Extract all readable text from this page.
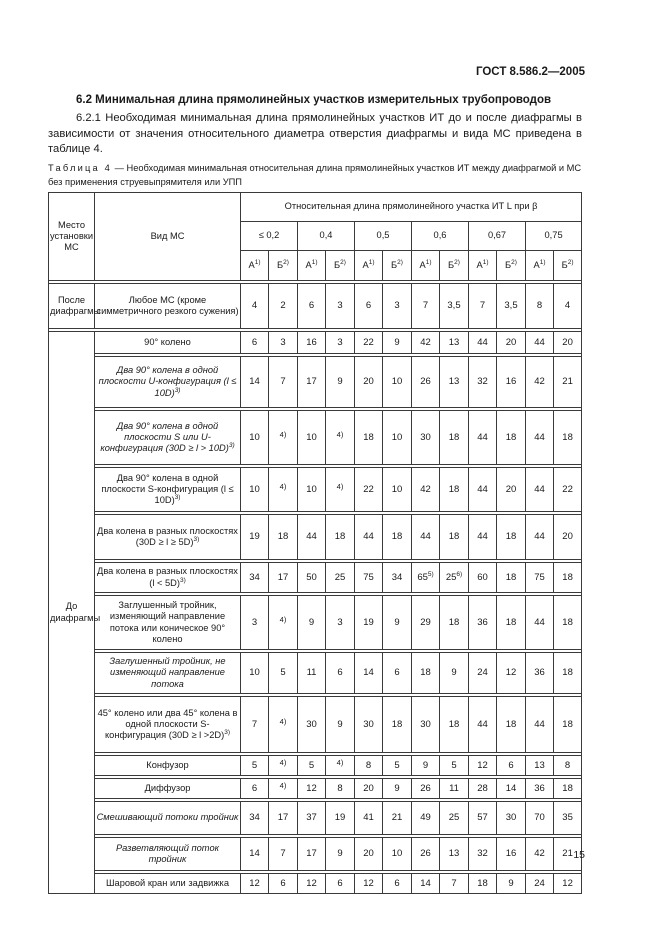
ГОСТ 8.586.2—2005
6.2 Минимальная длина прямолинейных участков измерительных трубопроводов
6.2.1 Необходимая минимальная длина прямолинейных участков ИТ до и после диафрагмы в зависимости от значения относительного диаметра отверстия диафрагмы и вида МС приведена в таблице 4.
Таблица 4 — Необходимая минимальная относительная длина прямолинейных участков ИТ между диафрагмой и МС без применения струевыпрямителя или УПП
Место установки МС	Вид МС	Относительная длина прямолинейного участка ИТ L при β												
		≤ 0,2		0,4		0,5		0,6		0,67		0,75		
		$А^{1)}$	$Б^{2)}$	$А^{1)}$	$Б^{2)}$	$А^{1)}$	$Б^{2)}$	$А^{1)}$	$Б^{2)}$	$А^{1)}$	$Б^{2)}$	$А^{1)}$	$Б^{2)}$

После диафрагмы	Любое МС (кроме симметричного резкого сужения)	4	2	6	3	6	3	7	3,5	7	3,5	8	4	

До диафрагмы	90° колено	6	3	16	3	22	9	42	13	44	20	44	20	

	Два 90° колена в одной плоскости U-конфигурация (l ≤ 10D)$^{3)}$	14	7	17	9	20	10	26	13	32	16	42	21	

	Два 90° колена в одной плоскости S или U-конфигурация (30D ≥ l > 10D)$^{3)}$	10	4)	10	4)	18	10	30	18	44	18	44	18	

	Два 90° колена в одной плоскости S-конфигурация (l ≤ 10D)$^{3)}$	10	4)	10	4)	22	10	42	18	44	20	44	22	

	Два колена в разных плоскостях (30D ≥ l ≥ 5D)$^{3)}$	19	18	44	18	44	18	44	18	44	18	44	20	

	Два колена в разных плоскостях (l < 5D)$^{3)}$	34	17	50	25	75	34	65$^{5)}$	25$^{6)}$	60	18	75	18	

	Заглушенный тройник, изменяющий направление потока или коническое 90° колено	3	4)	9	3	19	9	29	18	36	18	44	18	

	Заглушенный тройник, не изменяющий направление потока	10	5	11	6	14	6	18	9	24	12	36	18	

	45° колено или два 45° колена в одной плоскости S-конфигурация (30D ≥ l >2D)$^{3)}$	7	4)	30	9	30	18	30	18	44	18	44	18	

	Конфузор	5	4)	5	4)	8	5	9	5	12	6	13	8	

	Диффузор	6	4)	12	8	20	9	26	11	28	14	36	18	

	Смешивающий потоки тройник	34	17	37	19	41	21	49	25	57	30	70	35	

	Разветвляющий поток тройник	14	7	17	9	20	10	26	13	32	16	42	21	

	Шаровой кран или задвижка	12	6	12	6	12	6	14	7	18	9	24	12	
15
